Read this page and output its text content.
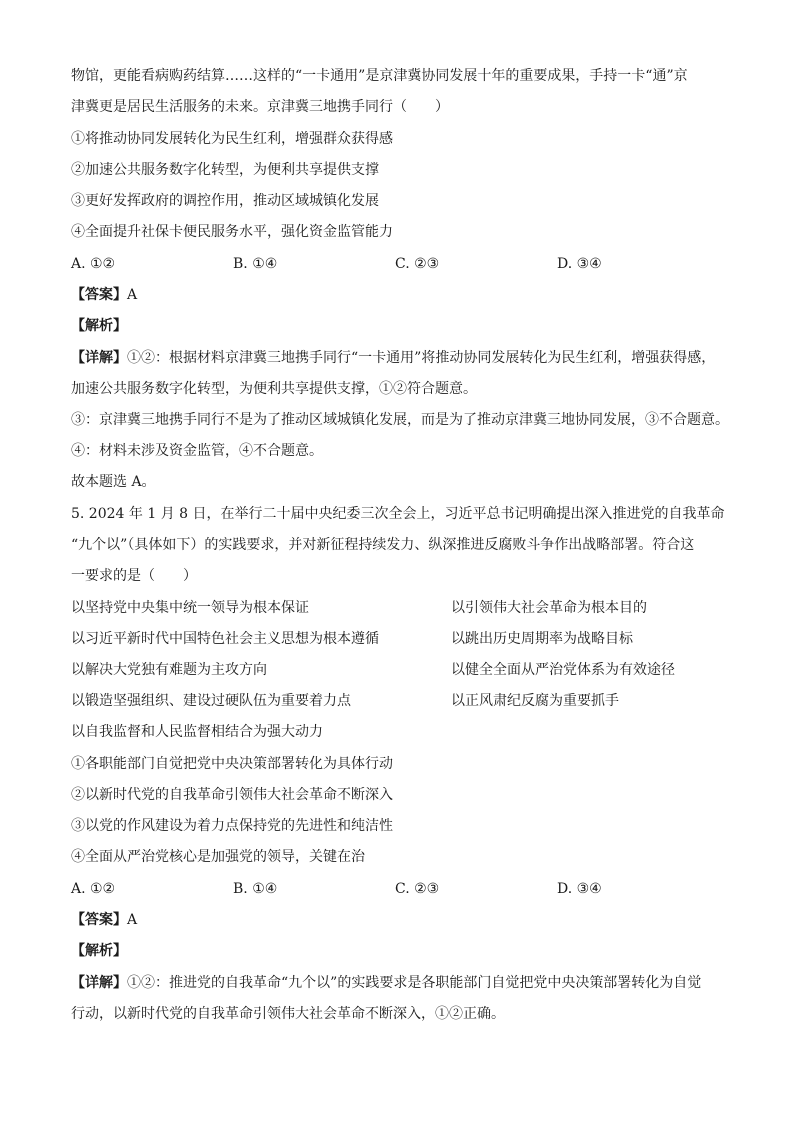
物馆，更能看病购药结算……这样的“一卡通用”是京津冀协同发展十年的重要成果，手持一卡“通”京
津冀更是居民生活服务的未来。京津冀三地携手同行（　　）
①将推动协同发展转化为民生红利，增强群众获得感
②加速公共服务数字化转型，为便利共享提供支撑
③更好发挥政府的调控作用，推动区域城镇化发展
④全面提升社保卡便民服务水平，强化资金监管能力
A. ①②	B. ①④	C. ②③	D. ③④
【答案】A
【解析】
【详解】①②：根据材料京津冀三地携手同行“一卡通用”将推动协同发展转化为民生红利，增强获得感，
加速公共服务数字化转型，为便利共享提供支撑，①②符合题意。
③：京津冀三地携手同行不是为了推动区域城镇化发展，而是为了推动京津冀三地协同发展，③不合题意。
④：材料未涉及资金监管，④不合题意。
故本题选 A。
5. 2024 年 1 月 8 日，在举行二十届中央纪委三次全会上，习近平总书记明确提出深入推进党的自我革命
“九个以”（具体如下）的实践要求，并对新征程持续发力、纵深推进反腐败斗争作出战略部署。符合这
一要求的是（　　）
以坚持党中央集中统一领导为根本保证	以引领伟大社会革命为根本目的
以习近平新时代中国特色社会主义思想为根本遵循	以跳出历史周期率为战略目标
以解决大党独有难题为主攻方向	以健全全面从严治党体系为有效途径
以锻造坚强组织、建设过硬队伍为重要着力点	以正风肃纪反腐为重要抓手
以自我监督和人民监督相结合为强大动力
①各职能部门自觉把党中央决策部署转化为具体行动
②以新时代党的自我革命引领伟大社会革命不断深入
③以党的作风建设为着力点保持党的先进性和纯洁性
④全面从严治党核心是加强党的领导，关键在治
A. ①②	B. ①④	C. ②③	D. ③④
【答案】A
【解析】
【详解】①②：推进党的自我革命“九个以”的实践要求是各职能部门自觉把党中央决策部署转化为自觉
行动，以新时代党的自我革命引领伟大社会革命不断深入，①②正确。
